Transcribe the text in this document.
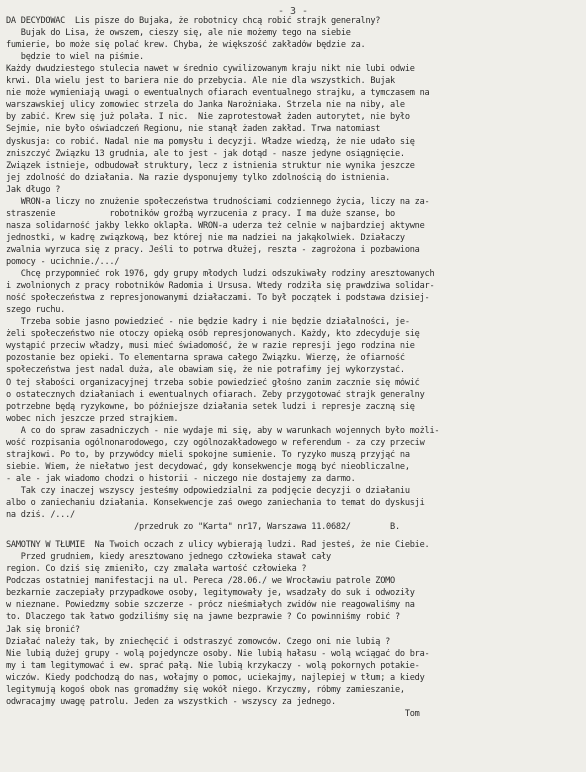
- 3 -
DA DECYDOWAĆ  Lis pisze do Bujaka, że robotnicy chcą robić strajk generalny?
Bujak do Lisa, że owszem, cieszy się, ale nie możemy tego na siebie
fumierie, bo może się polać krew. Chyba, że większość zakładów będzie za.
będzie to wiel na piśmie.
Każdy dwudziestego stulecia nawet w średnio cywilizowanym kraju nikt nie lubi odwie
krwi. Dla wielu jest to bariera nie do przebycia. Ale nie dla wszystkich. Bujak
nie może wymieniają uwagi o ewentualnych ofiarach eventualnego strajku, a tymczasem na
warszawskiej ulicy zomowiec strzela do Janka Narożniaka. Strzela nie na niby, ale
by zabić. Krew się już polała. I nic.  Nie zaprotestował żaden autorytet, nie było
Sejmie, nie było oświadczeń Regionu, nie stanął żaden zakład. Trwa natomiast
dyskusja: co robić. Nadal nie ma pomysłu i decyzji. Władze wiedzą, że nie udało się
zniszczyć Związku 13 grudnia, ale to jest - jak dotąd - nasze jedyne osiągnięcie.
Związek istnieje, odbudował struktury, lecz z istnienia struktur nie wynika jeszcze
jej zdolność do działania. Na razie dysponujemy tylko zdolnością do istnienia.
Jak długo ?
WRON-a liczy no znużenie społeczeństwa trudnościami codziennego życia, liczy na za-
straszenie           robotników groźbą wyrzucenia z pracy. I ma duże szanse, bo
nasza solidarność jakby lekko oklapła. WRON-a uderza też celnie w najbardziej aktywne
jednostki, w kadrę związkową, bez której nie ma nadziei na jakąkolwiek. Działaczy
zwalnia wyrzuca się z pracy. Jeśli to potrwa dłużej, reszta - zagrożona i pozbawiona
pomocy - ucichnie./.../
Chcę przypomnieć rok 1976, gdy grupy młodych ludzi odszukiwały rodziny aresztowanych
i zwolnionych z pracy robotników Radomia i Ursusa. Wtedy rodziła się prawdziwa solidar-
ność społeczeństwa z represjonowanymi działaczami. To był początek i podstawa dzisiej-
szego ruchu.
Trzeba sobie jasno powiedzieć - nie będzie kadry i nie będzie działalności, je-
żeli społeczeństwo nie otoczy opieką osób represjonowanych. Każdy, kto zdecyduje się
wystąpić przeciw władzy, musi mieć świadomość, że w razie represji jego rodzina nie
pozostanie bez opieki. To elementarna sprawa całego Związku. Wierzę, że ofiarność
społeczeństwa jest nadal duża, ale obawiam się, że nie potrafimy jej wykorzystać.
O tej słabości organizacyjnej trzeba sobie powiedzieć głośno zanim zacznie się mówić
o ostatecznych działaniach i ewentualnych ofiarach. Żeby przygotować strajk generalny
potrzebne będą ryzykowne, bo późniejsze działania setek ludzi i represje zaczną się
wobec nich jeszcze przed strajkiem.
A co do spraw zasadniczych - nie wydaje mi się, aby w warunkach wojennych było możli-
wość rozpisania ogólnonarodowego, czy ogólnozakładowego w referendum - za czy przeciw
strajkowi. Po to, by przywódcy mieli spokojne sumienie. To ryzyko muszą przyjąć na
siebie. Wiem, że niełatwo jest decydować, gdy konsekwencje mogą być nieobliczalne,
- ale - jak wiadomo chodzi o historii - niczego nie dostajemy za darmo.
Tak czy inaczej wszyscy jesteśmy odpowiedzialni za podjęcie decyzji o działaniu
albo o zaniechaniu działania. Konsekwencje zaś owego zaniechania to temat do dyskusji
na dziś. /.../
/przedruk zo "Karta" nr17, Warszawa 11.0682/        B.
SAMOTNY W TŁUMIE  Na Twoich oczach z ulicy wybierają ludzi. Rad jesteś, że nie Ciebie.
Przed grudniem, kiedy aresztowano jednego człowieka stawał cały
region. Co dziś się zmieniło, czy zmalała wartość człowieka ?
Podczas ostatniej manifestacji na ul. Pereca /28.06./ we Wrocławiu patrole ZOMO
bezkarnie zaczepiały przypadkowe osoby, legitymowały je, wsadzały do suk i odwoziły
w nieznane. Powiedzmy sobie szczerze - prócz nieśmiałych zwidów nie reagowaliśmy na
to. Dlaczego tak łatwo godziliśmy się na jawne bezprawie ? Co powinniśmy robić ?
Jak się bronić?
Działać należy tak, by zniechęcić i odstraszyć zomowców. Czego oni nie lubią ?
Nie lubią dużej grupy - wolą pojedyncze osoby. Nie lubią hałasu - wolą wciągać do bra-
my i tam legitymować i ew. sprać pałą. Nie lubią krzykaczy - wolą pokornych potakie-
wiczów. Kiedy podchodzą do nas, wołajmy o pomoc, uciekajmy, najlepiej w tłum; a kiedy
legitymują kogoś obok nas gromadźmy się wokół niego. Krzyczmy, róbmy zamieszanie,
odwracajmy uwagę patrolu. Jeden za wszystkich - wszyscy za jednego.
Tom
